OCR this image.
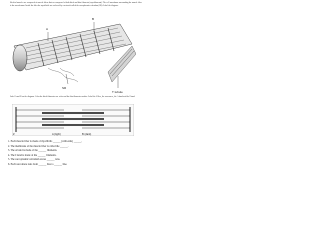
Skeletal muscles are composed of muscle fibers that are composed of both thick and thin filaments (myofilaments). The cell membrane surrounding the muscle fiber is the sarcolemma. Inside the fiber the myofibrils are enclosed by a network called the sarcoplasmic reticulum (SR). Label the diagram.
A
B
SR
T tubule
Label A and B on the diagram. Color the thick filaments one color and the thin filaments another. Label the Z-line, the sarcomere, the A band and the I band.
A (light)	B (dark)
Z
1. Each muscle fiber is made of myofibrils ______ (with ends) ______.
2. The membrane of the muscle fiber is called the ______.
3. The A band is made of the ______ filaments.
4. The I band is made of the ______ filaments.
5. The sarcoplasmic reticulum stores ______ ions.
6. Each sarcomere runs from ______ line to ______ line.
